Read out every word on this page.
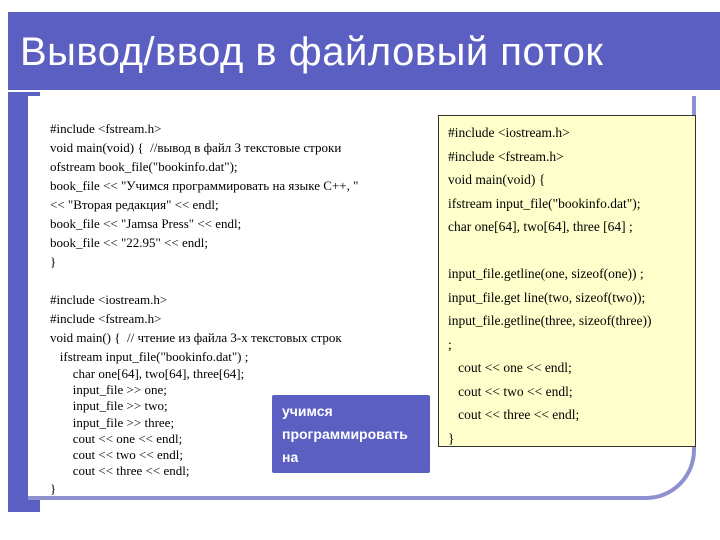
Вывод/ввод в файловый поток
#include <fstream.h>
void main(void) {  //вывод в файл 3 текстовые строки
ofstream book_file("bookinfo.dat");
book_file << "Учимся программировать на языке С++, "
<< "Вторая редакция" << endl;
book_file << "Jamsa Press" << endl;
book_file << "22.95" << endl;
}
#include <iostream.h>
#include <fstream.h>
void main() {  // чтение из файла 3-х текстовых строк
ifstream input_file("bookinfo.dat") ;
char one[64], two[64], three[64];
input_file >> one;
input_file >> two;
input_file >> three;
cout << one << endl;
cout << two << endl;
cout << three << endl;
}
#include <iostream.h>
#include <fstream.h>
void main(void) {
ifstream input_file("bookinfo.dat");
char one[64], two[64], three [64] ;

input_file.getline(one, sizeof(one)) ;
input_file.get line(two, sizeof(two));
input_file.getline(three, sizeof(three))
;
cout << one << endl;
cout << two << endl;
cout << three << endl;
}
учимся
программировать
на
